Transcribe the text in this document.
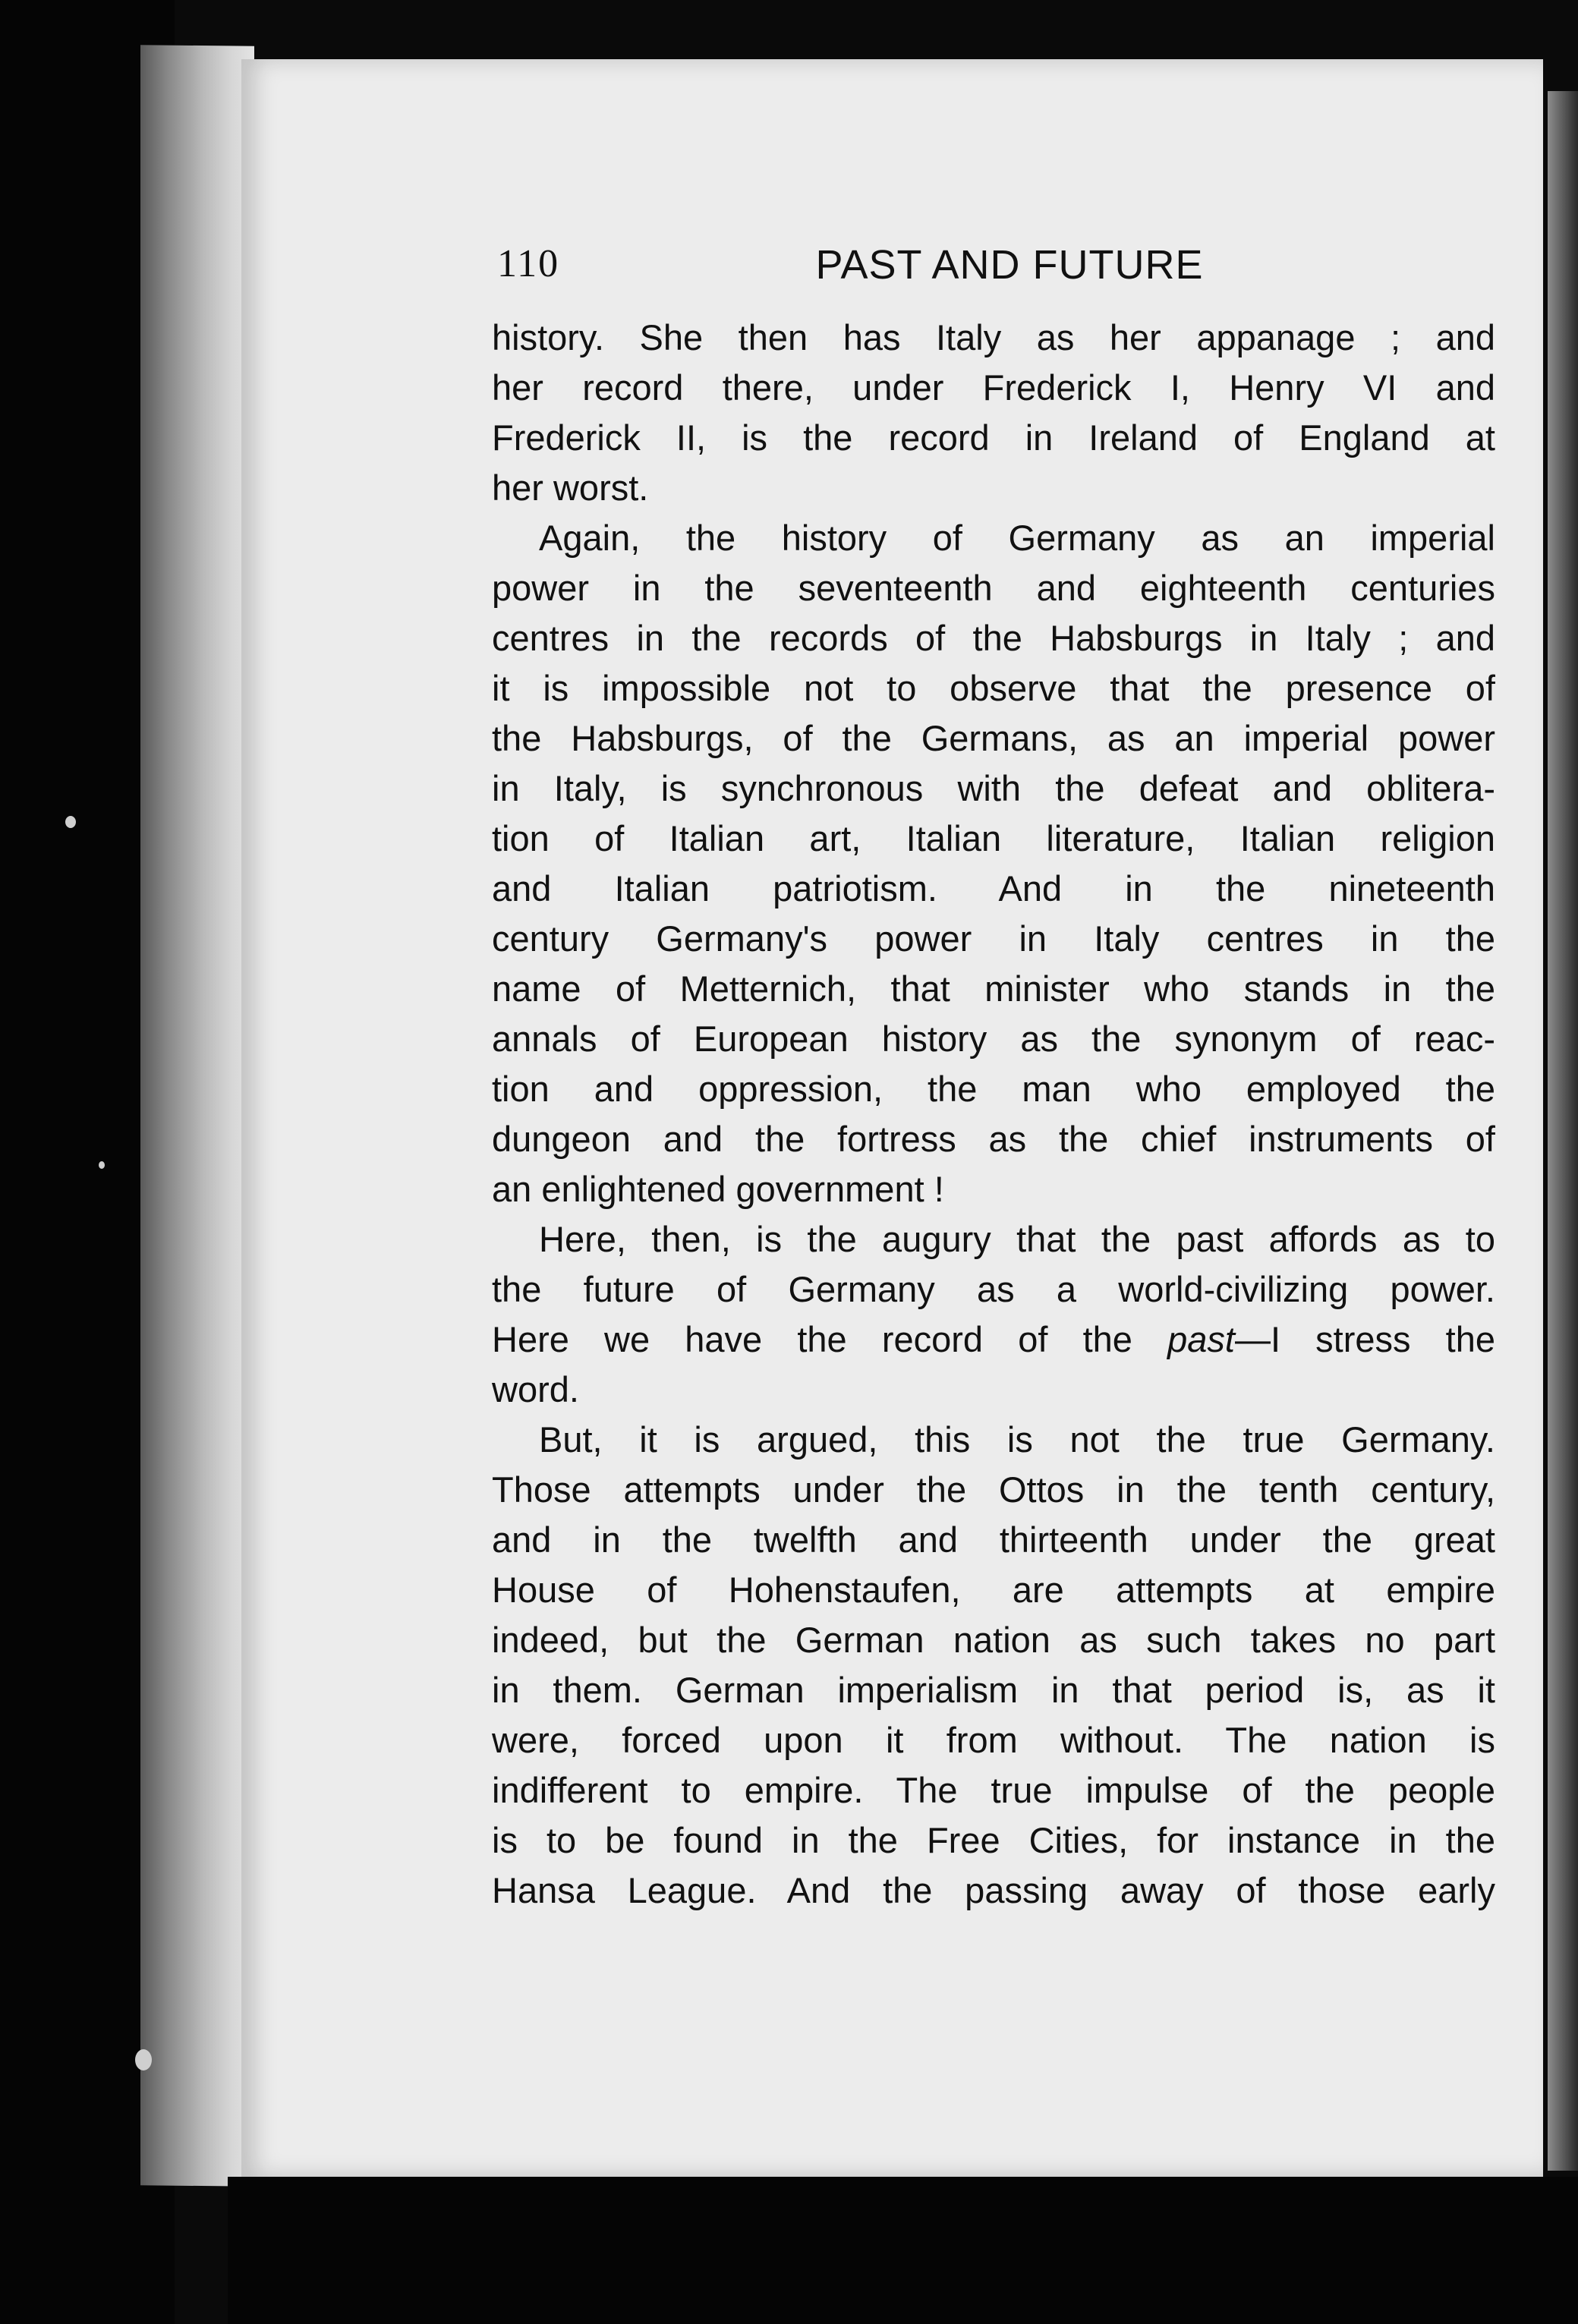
110	PAST AND FUTURE
history. She then has Italy as her appanage ; and
her record there, under Frederick I, Henry VI and
Frederick II, is the record in Ireland of England at
her worst.
Again, the history of Germany as an imperial
power in the seventeenth and eighteenth centuries
centres in the records of the Habsburgs in Italy ; and
it is impossible not to observe that the presence of
the Habsburgs, of the Germans, as an imperial power
in Italy, is synchronous with the defeat and oblitera-
tion of Italian art, Italian literature, Italian religion
and Italian patriotism. And in the nineteenth
century Germany's power in Italy centres in the
name of Metternich, that minister who stands in the
annals of European history as the synonym of reac-
tion and oppression, the man who employed the
dungeon and the fortress as the chief instruments of
an enlightened government !
Here, then, is the augury that the past affords as to
the future of Germany as a world-civilizing power.
Here we have the record of the past—I stress the
word.
But, it is argued, this is not the true Germany.
Those attempts under the Ottos in the tenth century,
and in the twelfth and thirteenth under the great
House of Hohenstaufen, are attempts at empire
indeed, but the German nation as such takes no part
in them. German imperialism in that period is, as it
were, forced upon it from without. The nation is
indifferent to empire. The true impulse of the people
is to be found in the Free Cities, for instance in the
Hansa League. And the passing away of those early
